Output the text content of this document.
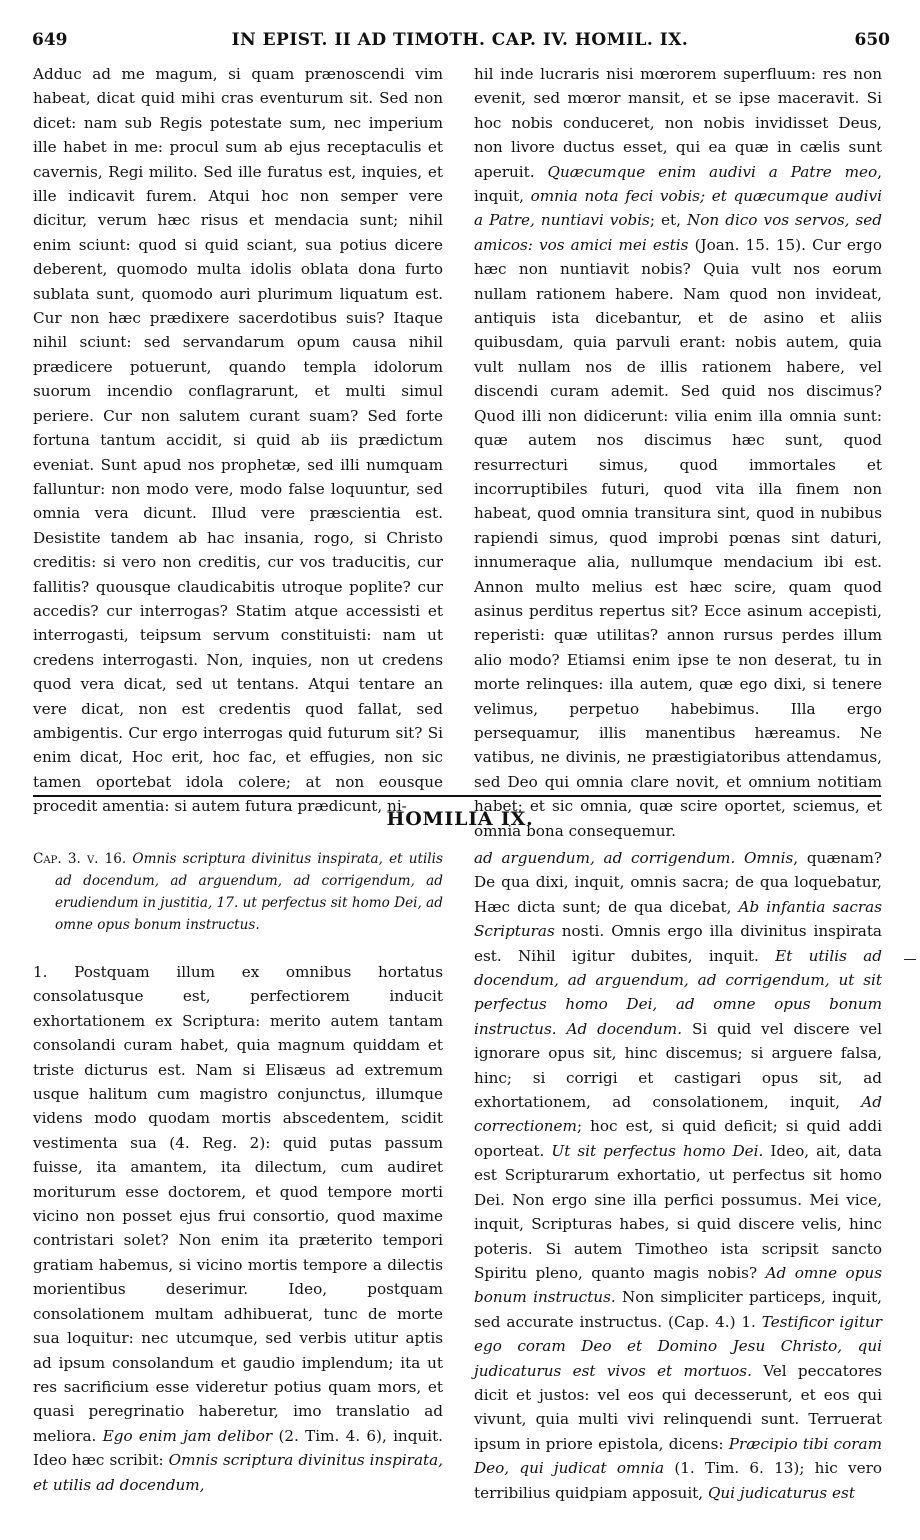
649	IN EPIST. II AD TIMOTH. CAP. IV. HOMIL. IX.	650

Adduc ad me magum, si quam prænoscendi vim habeat, dicat quid mihi cras eventurum sit. Sed non dicet: nam sub Regis potestate sum, nec imperium ille habet in me: procul sum ab ejus receptaculis et cavernis, Regi milito. Sed ille furatus est, inquies, et ille indicavit furem. Atqui hoc non semper vere dicitur, verum hæc risus et mendacia sunt; nihil enim sciunt: quod si quid sciant, sua potius dicere deberent, quomodo multa idolis oblata dona furto sublata sunt, quomodo auri plurimum liquatum est. Cur non hæc prædixere sacerdotibus suis? Itaque nihil sciunt: sed servandarum opum causa nihil prædicere potuerunt, quando templa idolorum suorum incendio conflagrarunt, et multi simul periere. Cur non salutem curant suam? Sed forte fortuna tantum accidit, si quid ab iis prædictum eveniat. Sunt apud nos prophetæ, sed illi numquam falluntur: non modo vere, modo false loquuntur, sed omnia vera dicunt. Illud vere præscientia est. Desistite tandem ab hac insania, rogo, si Christo creditis: si vero non creditis, cur vos traducitis, cur fallitis? quousque claudicabitis utroque poplite? cur accedis? cur interrogas? Statim atque accessisti et interrogasti, teipsum servum constituisti: nam ut credens interrogasti. Non, inquies, non ut credens quod vera dicat, sed ut tentans. Atqui tentare an vere dicat, non est credentis quod fallat, sed ambigentis. Cur ergo interrogas quid futurum sit? Si enim dicat, Hoc erit, hoc fac, et effugies, non sic tamen oportebat idola colere; at non eousque procedit amentia: si autem futura prædicunt, ni-

hil inde lucraris nisi mœrorem superfluum: res non evenit, sed mœror mansit, et se ipse maceravit. Si hoc nobis conduceret, non nobis invidisset Deus, non livore ductus esset, qui ea quæ in cælis sunt aperuit. Quæcumque enim audivi a Patre meo, inquit, omnia nota feci vobis; et quæcumque audivi a Patre, nuntiavi vobis; et, Non dico vos servos, sed amicos: vos amici mei estis (Joan. 15. 15). Cur ergo hæc non nuntiavit nobis? Quia vult nos eorum nullam rationem habere. Nam quod non invideat, antiquis ista dicebantur, et de asino et aliis quibusdam, quia parvuli erant: nobis autem, quia vult nullam nos de illis rationem habere, vel discendi curam ademit. Sed quid nos discimus? Quod illi non didicerunt: vilia enim illa omnia sunt: quæ autem nos discimus hæc sunt, quod resurrecturi simus, quod immortales et incorruptibiles futuri, quod vita illa finem non habeat, quod omnia transitura sint, quod in nubibus rapiendi simus, quod improbi pœnas sint daturi, innumeraque alia, nullumque mendacium ibi est. Annon multo melius est hæc scire, quam quod asinus perditus repertus sit? Ecce asinum accepisti, reperisti: quæ utilitas? annon rursus perdes illum alio modo? Etiamsi enim ipse te non deserat, tu in morte relinques: illa autem, quæ ego dixi, si tenere velimus, perpetuo habebimus. Illa ergo persequamur, illis manentibus hæreamus. Ne vatibus, ne divinis, ne præstigiatoribus attendamus, sed Deo qui omnia clare novit, et omnium notitiam habet; et sic omnia, quæ scire oportet, sciemus, et omnia bona consequemur.

HOMILIA IX.

Cap. 3. v. 16. Omnis scriptura divinitus inspirata, et utilis ad docendum, ad arguendum, ad corrigendum, ad erudiendum in justitia, 17. ut perfectus sit homo Dei, ad omne opus bonum instructus.

1. Postquam illum ex omnibus hortatus consolatusque est, perfectiorem inducit exhortationem ex Scriptura: merito autem tantam consolandi curam habet, quia magnum quiddam et triste dicturus est. Nam si Elisæus ad extremum usque halitum cum magistro conjunctus, illumque videns modo quodam mortis abscedentem, scidit vestimenta sua (4. Reg. 2): quid putas passum fuisse, ita amantem, ita dilectum, cum audiret moriturum esse doctorem, et quod tempore morti vicino non posset ejus frui consortio, quod maxime contristari solet? Non enim ita præterito tempori gratiam habemus, si vicino mortis tempore a dilectis morientibus deserimur. Ideo, postquam consolationem multam adhibuerat, tunc de morte sua loquitur: nec utcumque, sed verbis utitur aptis ad ipsum consolandum et gaudio implendum; ita ut res sacrificium esse videretur potius quam mors, et quasi peregrinatio haberetur, imo translatio ad meliora. Ego enim jam delibor (2. Tim. 4. 6), inquit. Ideo hæc scribit: Omnis scriptura divinitus inspirata, et utilis ad docendum,

ad arguendum, ad corrigendum. Omnis, quænam? De qua dixi, inquit, omnis sacra; de qua loquebatur, Hæc dicta sunt; de qua dicebat, Ab infantia sacras Scripturas nosti. Omnis ergo illa divinitus inspirata est. Nihil igitur dubites, inquit. Et utilis ad docendum, ad arguendum, ad corrigendum, ut sit perfectus homo Dei, ad omne opus bonum instructus. Ad docendum. Si quid vel discere vel ignorare opus sit, hinc discemus; si arguere falsa, hinc; si corrigi et castigari opus sit, ad exhortationem, ad consolationem, inquit, Ad correctionem; hoc est, si quid deficit; si quid addi oporteat. Ut sit perfectus homo Dei. Ideo, ait, data est Scripturarum exhortatio, ut perfectus sit homo Dei. Non ergo sine illa perfici possumus. Mei vice, inquit, Scripturas habes, si quid discere velis, hinc poteris. Si autem Timotheo ista scripsit sancto Spiritu pleno, quanto magis nobis? Ad omne opus bonum instructus. Non simpliciter particeps, inquit, sed accurate instructus. (Cap. 4.) 1. Testificor igitur ego coram Deo et Domino Jesu Christo, qui judicaturus est vivos et mortuos. Vel peccatores dicit et justos: vel eos qui decesserunt, et eos qui vivunt, quia multi vivi relinquendi sunt. Terruerat ipsum in priore epistola, dicens: Præcipio tibi coram Deo, qui judicat omnia (1. Tim. 6. 13); hic vero terribilius quidpiam apposuit, Qui judicaturus est
